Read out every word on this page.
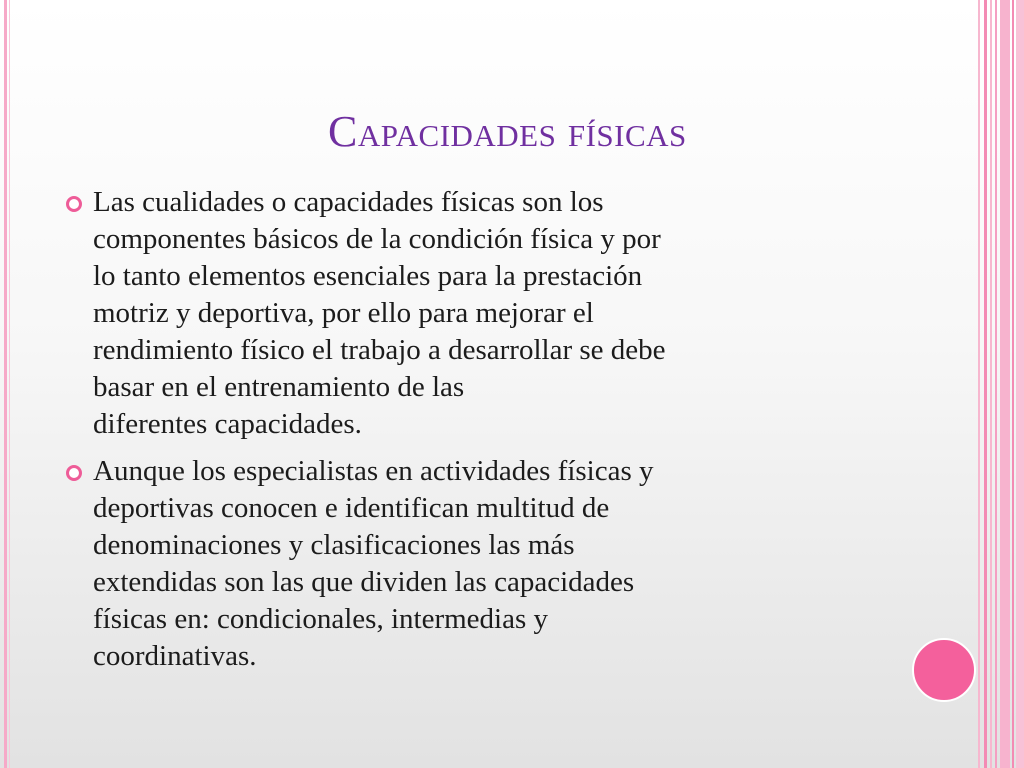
Capacidades físicas
Las cualidades o capacidades físicas son los
componentes básicos de la condición física y por
lo tanto elementos esenciales para la prestación
motriz y deportiva, por ello para mejorar el
rendimiento físico el trabajo a desarrollar se debe
basar en el entrenamiento de las
diferentes capacidades.
Aunque los especialistas en actividades físicas y
deportivas conocen e identifican multitud de
denominaciones y clasificaciones las más
extendidas son las que dividen las capacidades
físicas en: condicionales, intermedias y
coordinativas.
